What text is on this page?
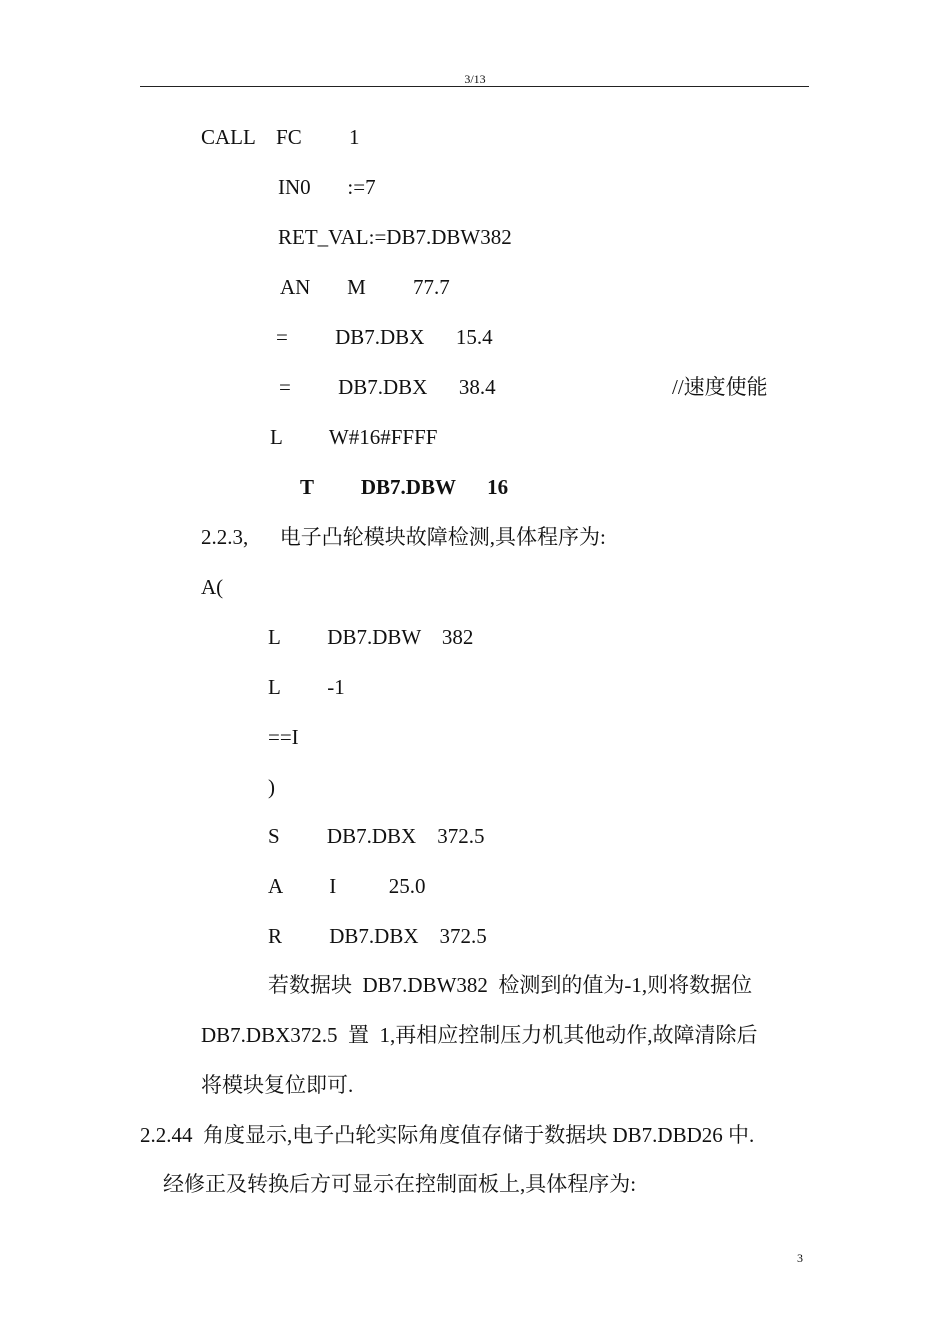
3/13
CALL    FC         1
IN0       :=7
RET_VAL:=DB7.DBW382
AN       M         77.7
=         DB7.DBX      15.4
=         DB7.DBX      38.4	//速度使能
L         W#16#FFFF
T         DB7.DBW      16
2.2.3,      电子凸轮模块故障检测,具体程序为:
A(
L         DB7.DBW    382
L         -1
==I
)
S         DB7.DBX    372.5
A         I          25.0
R         DB7.DBX    372.5
若数据块  DB7.DBW382  检测到的值为-1,则将数据位
DB7.DBX372.5  置  1,再相应控制压力机其他动作,故障清除后
将模块复位即可.
2.2.44  角度显示,电子凸轮实际角度值存储于数据块 DB7.DBD26 中.
经修正及转换后方可显示在控制面板上,具体程序为:
3
